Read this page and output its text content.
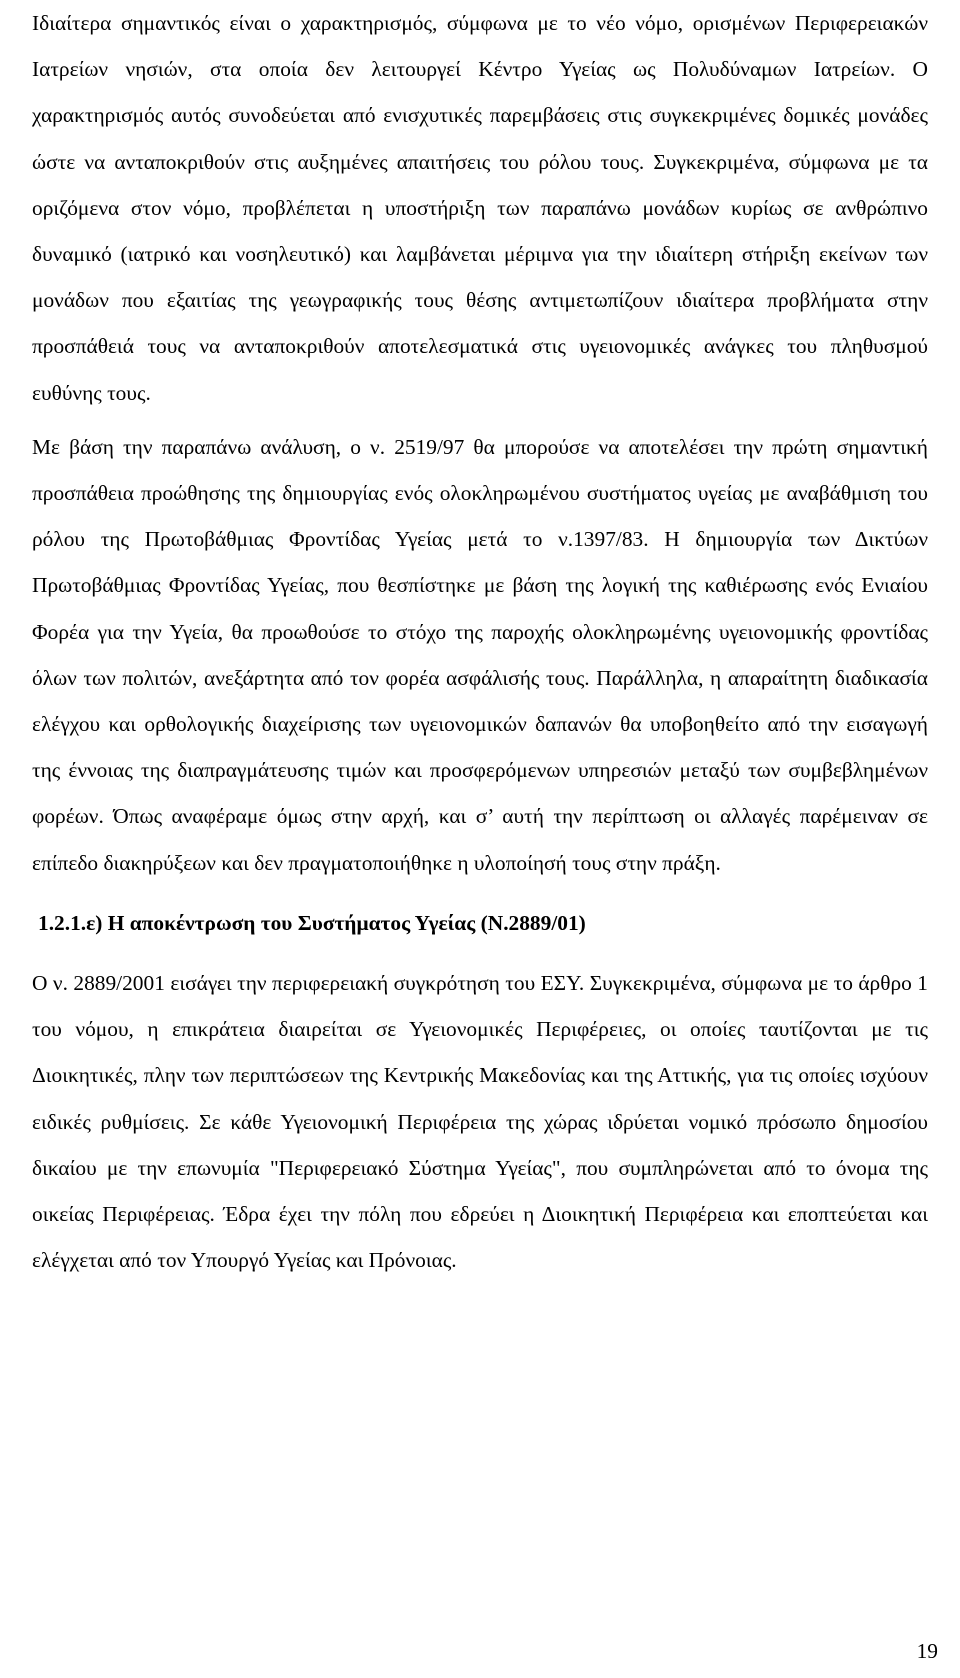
Ιδιαίτερα σημαντικός είναι ο χαρακτηρισμός, σύμφωνα με το νέο νόμο, ορισμένων Περιφερειακών Ιατρείων νησιών, στα οποία δεν λειτουργεί Κέντρο Υγείας ως Πολυδύναμων Ιατρείων. Ο χαρακτηρισμός αυτός συνοδεύεται από ενισχυτικές παρεμβάσεις στις συγκεκριμένες δομικές μονάδες ώστε να ανταποκριθούν στις αυξημένες απαιτήσεις του ρόλου τους. Συγκεκριμένα, σύμφωνα με τα οριζόμενα στον νόμο, προβλέπεται η υποστήριξη των παραπάνω μονάδων κυρίως σε ανθρώπινο δυναμικό (ιατρικό και νοσηλευτικό) και λαμβάνεται μέριμνα για την ιδιαίτερη στήριξη εκείνων των μονάδων που εξαιτίας της γεωγραφικής τους θέσης αντιμετωπίζουν ιδιαίτερα προβλήματα στην προσπάθειά τους να ανταποκριθούν αποτελεσματικά στις υγειονομικές ανάγκες του πληθυσμού ευθύνης τους.

Με βάση την παραπάνω ανάλυση, ο ν. 2519/97 θα μπορούσε να αποτελέσει την πρώτη σημαντική προσπάθεια προώθησης της δημιουργίας ενός ολοκληρωμένου συστήματος υγείας με αναβάθμιση του ρόλου της Πρωτοβάθμιας Φροντίδας Υγείας μετά το ν.1397/83. Η δημιουργία των Δικτύων Πρωτοβάθμιας Φροντίδας Υγείας, που θεσπίστηκε με βάση της λογική της καθιέρωσης ενός Ενιαίου Φορέα για την Υγεία, θα προωθούσε το στόχο της παροχής ολοκληρωμένης υγειονομικής φροντίδας όλων των πολιτών, ανεξάρτητα από τον φορέα ασφάλισής τους. Παράλληλα, η απαραίτητη διαδικασία ελέγχου και ορθολογικής διαχείρισης των υγειονομικών δαπανών θα υποβοηθείτο από την εισαγωγή της έννοιας της διαπραγμάτευσης τιμών και προσφερόμενων υπηρεσιών μεταξύ των συμβεβλημένων φορέων. Όπως αναφέραμε όμως στην αρχή, και σ’ αυτή την περίπτωση οι αλλαγές παρέμειναν σε επίπεδο διακηρύξεων και δεν πραγματοποιήθηκε η υλοποίησή τους στην πράξη.

1.2.1.ε) Η αποκέντρωση του Συστήματος Υγείας (Ν.2889/01)

Ο ν. 2889/2001 εισάγει την περιφερειακή συγκρότηση του ΕΣΥ. Συγκεκριμένα, σύμφωνα με το άρθρο 1 του νόμου, η επικράτεια διαιρείται σε Υγειονομικές Περιφέρειες, οι οποίες ταυτίζονται με τις Διοικητικές, πλην των περιπτώσεων της Κεντρικής Μακεδονίας και της Αττικής, για τις οποίες ισχύουν ειδικές ρυθμίσεις. Σε κάθε Υγειονομική Περιφέρεια της χώρας ιδρύεται νομικό πρόσωπο δημοσίου δικαίου με την επωνυμία "Περιφερειακό Σύστημα Υγείας", που συμπληρώνεται από το όνομα της οικείας Περιφέρειας. Έδρα έχει την πόλη που εδρεύει η Διοικητική Περιφέρεια και εποπτεύεται και ελέγχεται από τον Υπουργό Υγείας και Πρόνοιας.

19
